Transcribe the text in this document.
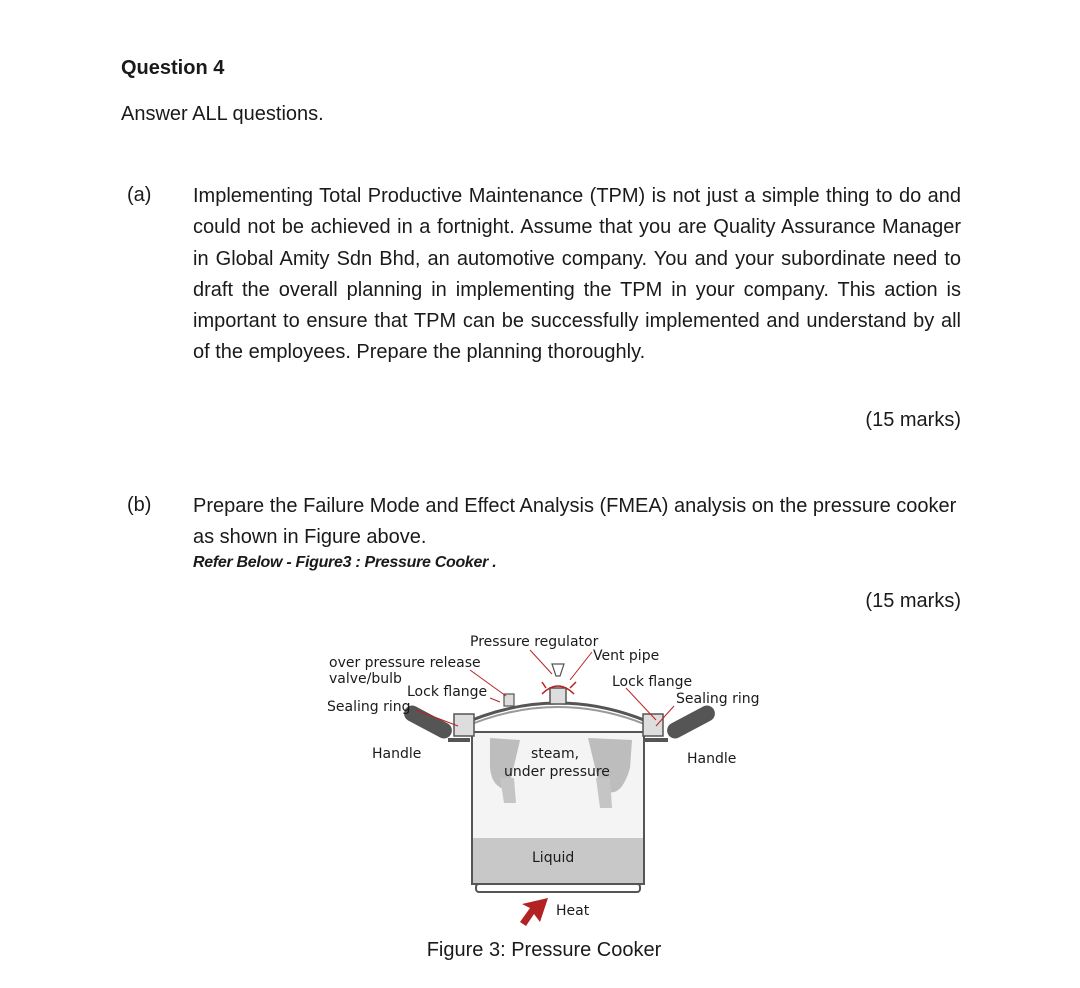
Question 4
Answer ALL questions.
(a) Implementing Total Productive Maintenance (TPM) is not just a simple thing to do and could not be achieved in a fortnight. Assume that you are Quality Assurance Manager in Global Amity Sdn Bhd, an automotive company. You and your subordinate need to draft the overall planning in implementing the TPM in your company. This action is important to ensure that TPM can be successfully implemented and understand by all of the employees. Prepare the planning thoroughly.
(15 marks)
(b) Prepare the Failure Mode and Effect Analysis (FMEA) analysis on the pressure cooker as shown in Figure above.
Refer Below - Figure3 : Pressure Cooker .
(15 marks)
Pressure regulator
Vent pipe
over pressure release
valve/bulb
Lock flange
Sealing ring
Lock flange
Sealing ring
Handle	Handle
steam,
under pressure
Liquid
Heat
Figure 3: Pressure Cooker
